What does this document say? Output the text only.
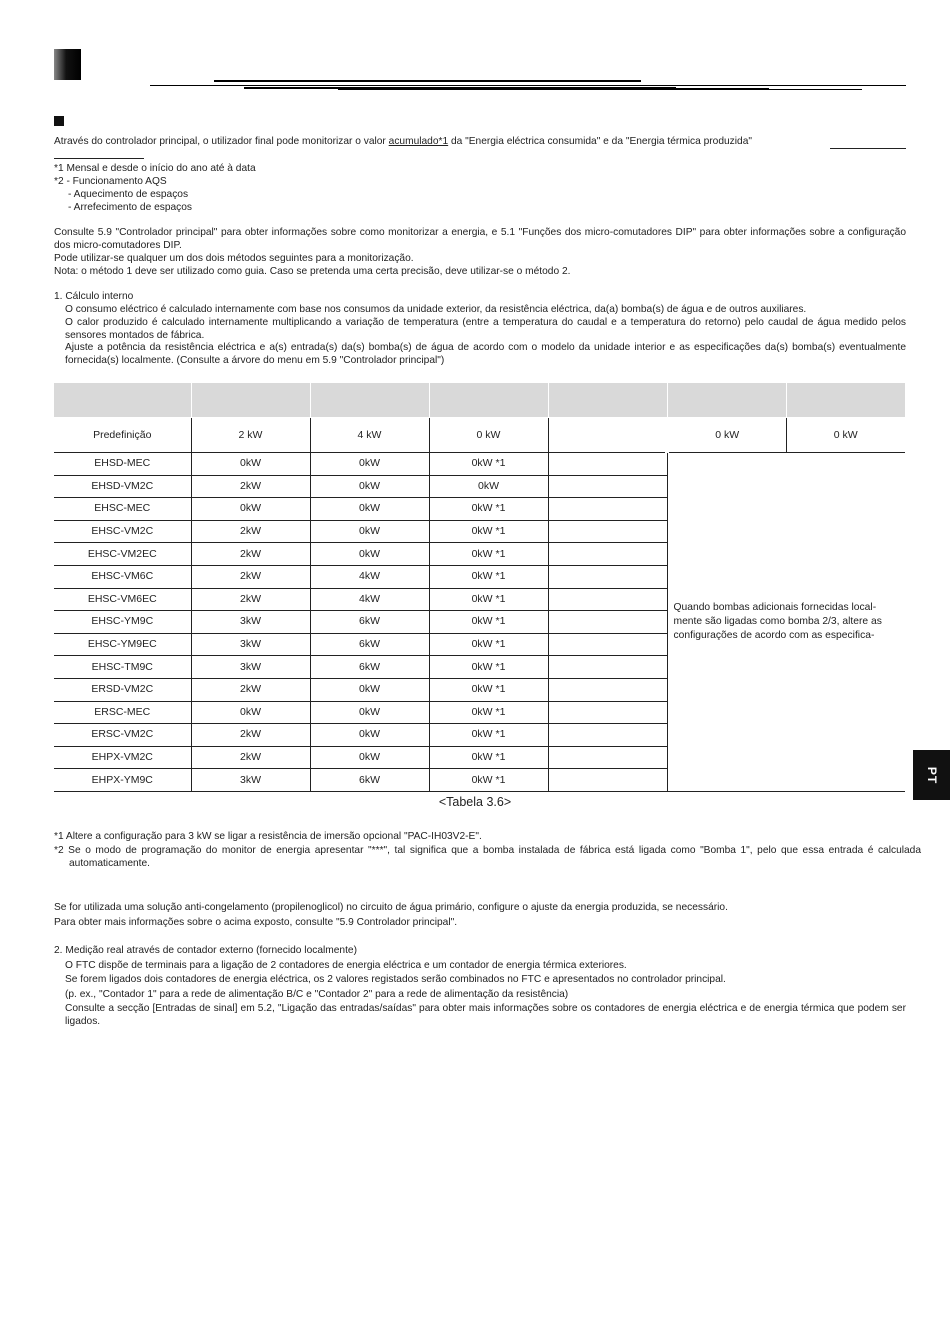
Através do controlador principal, o utilizador final pode monitorizar o valor acumulado*1 da "Energia eléctrica consumida" e da "Energia térmica produzida"
*1 Mensal e desde o início do ano até à data
*2 - Funcionamento AQS
- Aquecimento de espaços
- Arrefecimento de espaços
Consulte 5.9 "Controlador principal" para obter informações sobre como monitorizar a energia, e 5.1 "Funções dos micro-comutadores DIP" para obter informações sobre a configuração dos micro-comutadores DIP.
Pode utilizar-se qualquer um dos dois métodos seguintes para a monitorização.
Nota: o método 1 deve ser utilizado como guia. Caso se pretenda uma certa precisão, deve utilizar-se o método 2.
1. Cálculo interno
O consumo eléctrico é calculado internamente com base nos consumos da unidade exterior, da resistência eléctrica, da(a) bomba(s) de água e de outros auxiliares.
O calor produzido é calculado internamente multiplicando a variação de temperatura (entre a temperatura do caudal e a temperatura do retorno) pelo caudal de água medido pelos sensores montados de fábrica.
Ajuste a potência da resistência eléctrica e a(s) entrada(s) da(s) bomba(s) de água de acordo com o modelo da unidade interior e as especificações da(s) bomba(s) eventualmente fornecida(s) localmente. (Consulte a árvore do menu em 5.9 "Controlador principal")

Predefinição	2 kW	4 kW	0 kW		0 kW	0 kW
EHSD-MEC	0kW	0kW	0kW *1		Quando bombas adicionais fornecidas local-mente são ligadas como bomba 2/3, altere as configurações de acordo com as especifica-	
EHSD-VM2C	2kW	0kW	0kW			
EHSC-MEC	0kW	0kW	0kW *1			
EHSC-VM2C	2kW	0kW	0kW *1			
EHSC-VM2EC	2kW	0kW	0kW *1			
EHSC-VM6C	2kW	4kW	0kW *1			
EHSC-VM6EC	2kW	4kW	0kW *1			
EHSC-YM9C	3kW	6kW	0kW *1			
EHSC-YM9EC	3kW	6kW	0kW *1			
EHSC-TM9C	3kW	6kW	0kW *1			
ERSD-VM2C	2kW	0kW	0kW *1			
ERSC-MEC	0kW	0kW	0kW *1			
ERSC-VM2C	2kW	0kW	0kW *1			
EHPX-VM2C	2kW	0kW	0kW *1			
EHPX-YM9C	3kW	6kW	0kW *1			
<Tabela 3.6>
PT
*1 Altere a configuração para 3 kW se ligar a resistência de imersão opcional "PAC-IH03V2-E".
*2 Se o modo de programação do monitor de energia apresentar "***", tal significa que a bomba instalada de fábrica está ligada como "Bomba 1", pelo que essa entrada é calculada automaticamente.
Se for utilizada uma solução anti-congelamento (propilenoglicol) no circuito de água primário, configure o ajuste da energia produzida, se necessário.
Para obter mais informações sobre o acima exposto, consulte "5.9 Controlador principal".
2. Medição real através de contador externo (fornecido localmente)
O FTC dispõe de terminais para a ligação de 2 contadores de energia eléctrica e um contador de energia térmica exteriores.
Se forem ligados dois contadores de energia eléctrica, os 2 valores registados serão combinados no FTC e apresentados no controlador principal.
(p. ex., "Contador 1" para a rede de alimentação B/C e "Contador 2" para a rede de alimentação da resistência)
Consulte a secção [Entradas de sinal] em 5.2, "Ligação das entradas/saídas" para obter mais informações sobre os contadores de energia eléctrica e de energia térmica que podem ser ligados.
